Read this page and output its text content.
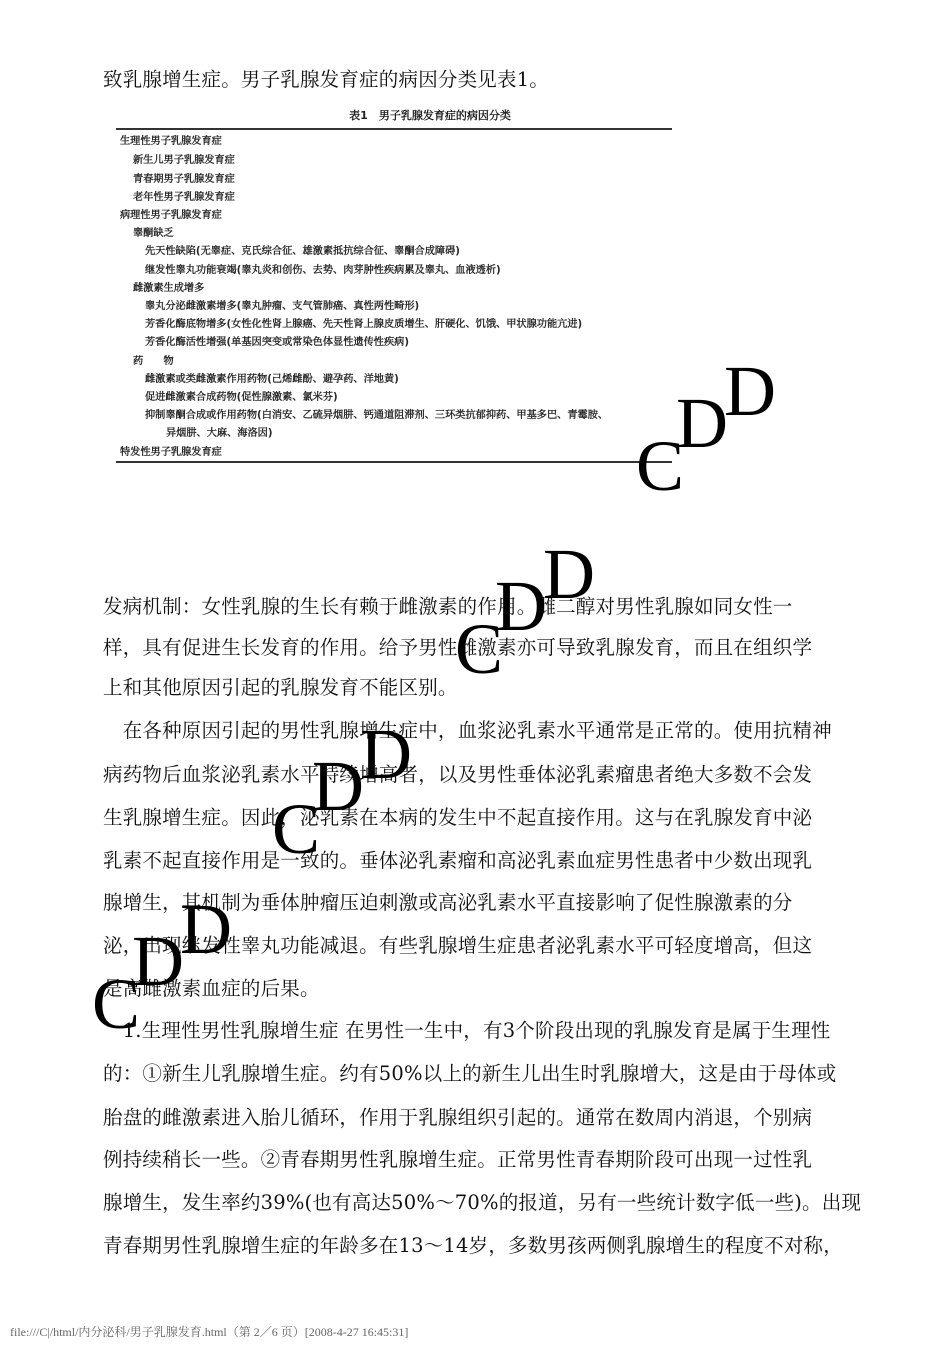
致乳腺增生症。男子乳腺发育症的病因分类见表1。
表1　男子乳腺发育症的病因分类
生理性男子乳腺发育症
新生儿男子乳腺发育症
青春期男子乳腺发育症
老年性男子乳腺发育症
病理性男子乳腺发育症
睾酮缺乏
先天性缺陷(无睾症、克氏综合征、雄激素抵抗综合征、睾酮合成障碍)
继发性睾丸功能衰竭(睾丸炎和创伤、去势、肉芽肿性疾病累及睾丸、血液透析)
雌激素生成增多
睾丸分泌雌激素增多(睾丸肿瘤、支气管肺癌、真性两性畸形)
芳香化酶底物增多(女性化性肾上腺癌、先天性肾上腺皮质增生、肝硬化、饥饿、甲状腺功能亢进)
芳香化酶活性增强(单基因突变或常染色体显性遗传性疾病)
药　　物
雌激素或类雌激素作用药物(己烯雌酚、避孕药、洋地黄)
促进雌激素合成药物(促性腺激素、氯米芬)
抑制睾酮合成或作用药物(白消安、乙硫异烟肼、钙通道阻滞剂、三环类抗郁抑药、甲基多巴、青霉胺、
异烟肼、大麻、海洛因)
特发性男子乳腺发育症
发病机制：女性乳腺的生长有赖于雌激素的作用。雌二醇对男性乳腺如同女性一
样，具有促进生长发育的作用。给予男性雌激素亦可导致乳腺发育，而且在组织学
上和其他原因引起的乳腺发育不能区别。
　在各种原因引起的男性乳腺增生症中，血浆泌乳素水平通常是正常的。使用抗精神
病药物后血浆泌乳素水平持续增高者，以及男性垂体泌乳素瘤患者绝大多数不会发
生乳腺增生症。因此，泌乳素在本病的发生中不起直接作用。这与在乳腺发育中泌
乳素不起直接作用是一致的。垂体泌乳素瘤和高泌乳素血症男性患者中少数出现乳
腺增生，其机制为垂体肿瘤压迫刺激或高泌乳素水平直接影响了促性腺激素的分
泌，出现继发性睾丸功能减退。有些乳腺增生症患者泌乳素水平可轻度增高，但这
是高雌激素血症的后果。
　1.生理性男性乳腺增生症 在男性一生中，有3个阶段出现的乳腺发育是属于生理性
的：①新生儿乳腺增生症。约有50%以上的新生儿出生时乳腺增大，这是由于母体或
胎盘的雌激素进入胎儿循环，作用于乳腺组织引起的。通常在数周内消退，个别病
例持续稍长一些。②青春期男性乳腺增生症。正常男性青春期阶段可出现一过性乳
腺增生，发生率约39%(也有高达50%～70%的报道，另有一些统计数字低一些)。出现
青春期男性乳腺增生症的年龄多在13～14岁，多数男孩两侧乳腺增生的程度不对称，
C
D
D
C
D
D
C
D
D
C
D
D
file:///C|/html/内分泌科/男子乳腺发育.html（第 2／6 页）[2008-4-27 16:45:31]
